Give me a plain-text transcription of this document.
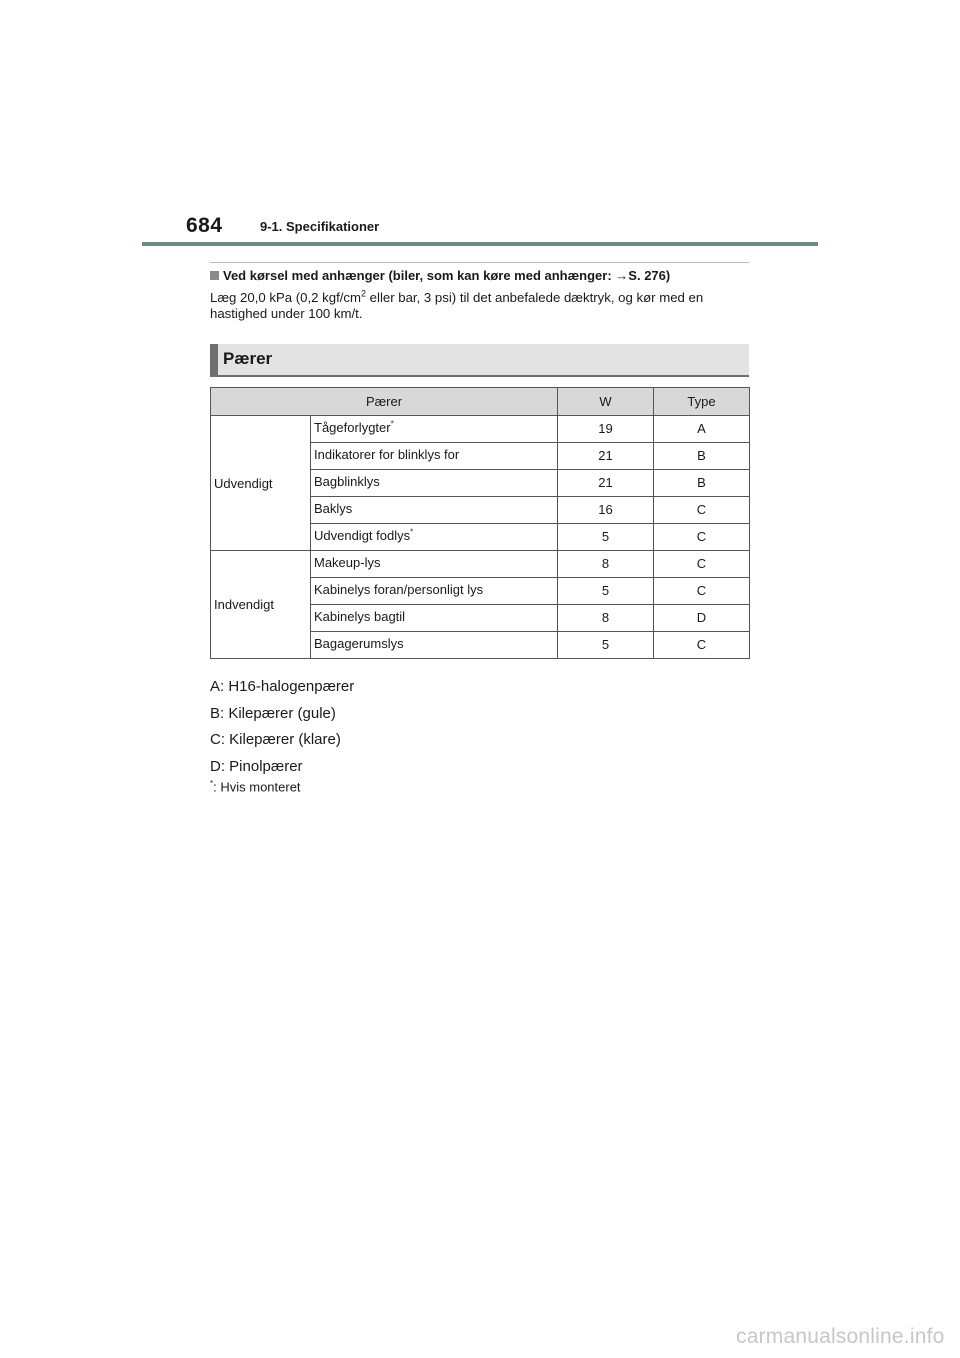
684	9-1. Specifikationer
Ved kørsel med anhænger (biler, som kan køre med anhænger: →S. 276)
Læg 20,0 kPa (0,2 kgf/$cm^2$ eller bar, 3 psi) til det anbefalede dæktryk, og kør med en hastighed under 100 km/t.
Pærer
Pærer		W	Type
Udvendigt	Tågeforlygter*	19	A
	Indikatorer for blinklys for	21	B
	Bagblinklys	21	B
	Baklys	16	C
	Udvendigt fodlys*	5	C
Indvendigt	Makeup-lys	8	C
	Kabinelys foran/personligt lys	5	C
	Kabinelys bagtil	8	D
	Bagagerumslys	5	C
A: H16-halogenpærer
B: Kilepærer (gule)
C: Kilepærer (klare)
D: Pinolpærer
*: Hvis monteret
carmanualsonline.info
